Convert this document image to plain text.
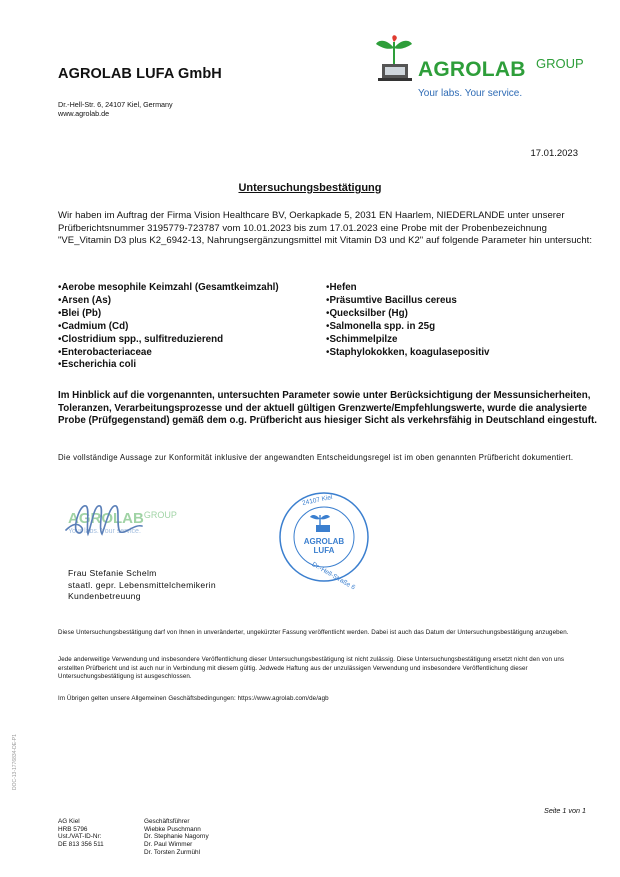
AGROLAB LUFA GmbH
Dr.-Hell-Str. 6, 24107 Kiel, Germany
www.agrolab.de
AGROLAB GROUP
Your labs. Your service.
17.01.2023
Untersuchungsbestätigung
Wir haben im Auftrag der Firma Vision Healthcare BV, Oerkapkade 5, 2031 EN Haarlem, NIEDERLANDE unter unserer Prüfberichtsnummer 3195779-723787 vom 10.01.2023 bis zum 17.01.2023 eine Probe mit der Probenbezeichnung "VE_Vitamin D3 plus K2_6942-13, Nahrungsergänzungsmittel mit Vitamin D3 und K2" auf folgende Parameter hin untersucht:
• Aerobe mesophile Keimzahl (Gesamtkeimzahl)
• Arsen (As)
• Blei (Pb)
• Cadmium (Cd)
• Clostridium spp., sulfitreduzierend
• Enterobacteriaceae
• Escherichia coli
• Hefen
• Präsumtive Bacillus cereus
• Quecksilber (Hg)
• Salmonella spp. in 25g
• Schimmelpilze
• Staphylokokken, koagulasepositiv
Im Hinblick auf die vorgenannten, untersuchten Parameter sowie unter Berücksichtigung der Messunsicherheiten, Toleranzen, Verarbeitungsprozesse und der aktuell gültigen Grenzwerte/Empfehlungswerte, wurde die analysierte Probe (Prüfgegenstand) gemäß dem o.g. Prüfbericht aus hiesiger Sicht als verkehrsfähig in Deutschland eingestuft.
Die vollständige Aussage zur Konformität inklusive der angewandten Entscheidungsregel ist im oben genannten Prüfbericht dokumentiert.
$AGROLAB^{GROUP}$
Your labs. Your service.
AGROLAB
LUFA
24107 Kiel
Dr.-Hell-Straße 6
Frau Stefanie Schelm
staatl. gepr. Lebensmittelchemikerin
Kundenbetreuung
Diese Untersuchungsbestätigung darf von Ihnen in unveränderter, ungekürzter Fassung veröffentlicht werden. Dabei ist auch das Datum der Untersuchungsbestätigung anzugeben.
Jede anderweitige Verwendung und insbesondere Veröffentlichung dieser Untersuchungsbestätigung ist nicht zulässig. Diese Untersuchungsbestätigung ersetzt nicht den von uns erstellten Prüfbericht und ist auch nur in Verbindung mit diesem gültig. Jedwede Haftung aus der unzulässigen Verwendung und insbesondere Veröffentlichung dieser Untersuchungsbestätigung ist ausgeschlossen.
Im Übrigen gelten unsere Allgemeinen Geschäftsbedingungen: https://www.agrolab.com/de/agb
Seite 1 von 1
AG Kiel
HRB 5796
Ust./VAT-ID-Nr:
DE 813 356 511
Geschäftsführer
Wiebke Puschmann
Dr. Stephanie Nagorny
Dr. Paul Wimmer
Dr. Torsten Zurmühl
DOC-13-1776834-DE-P1
